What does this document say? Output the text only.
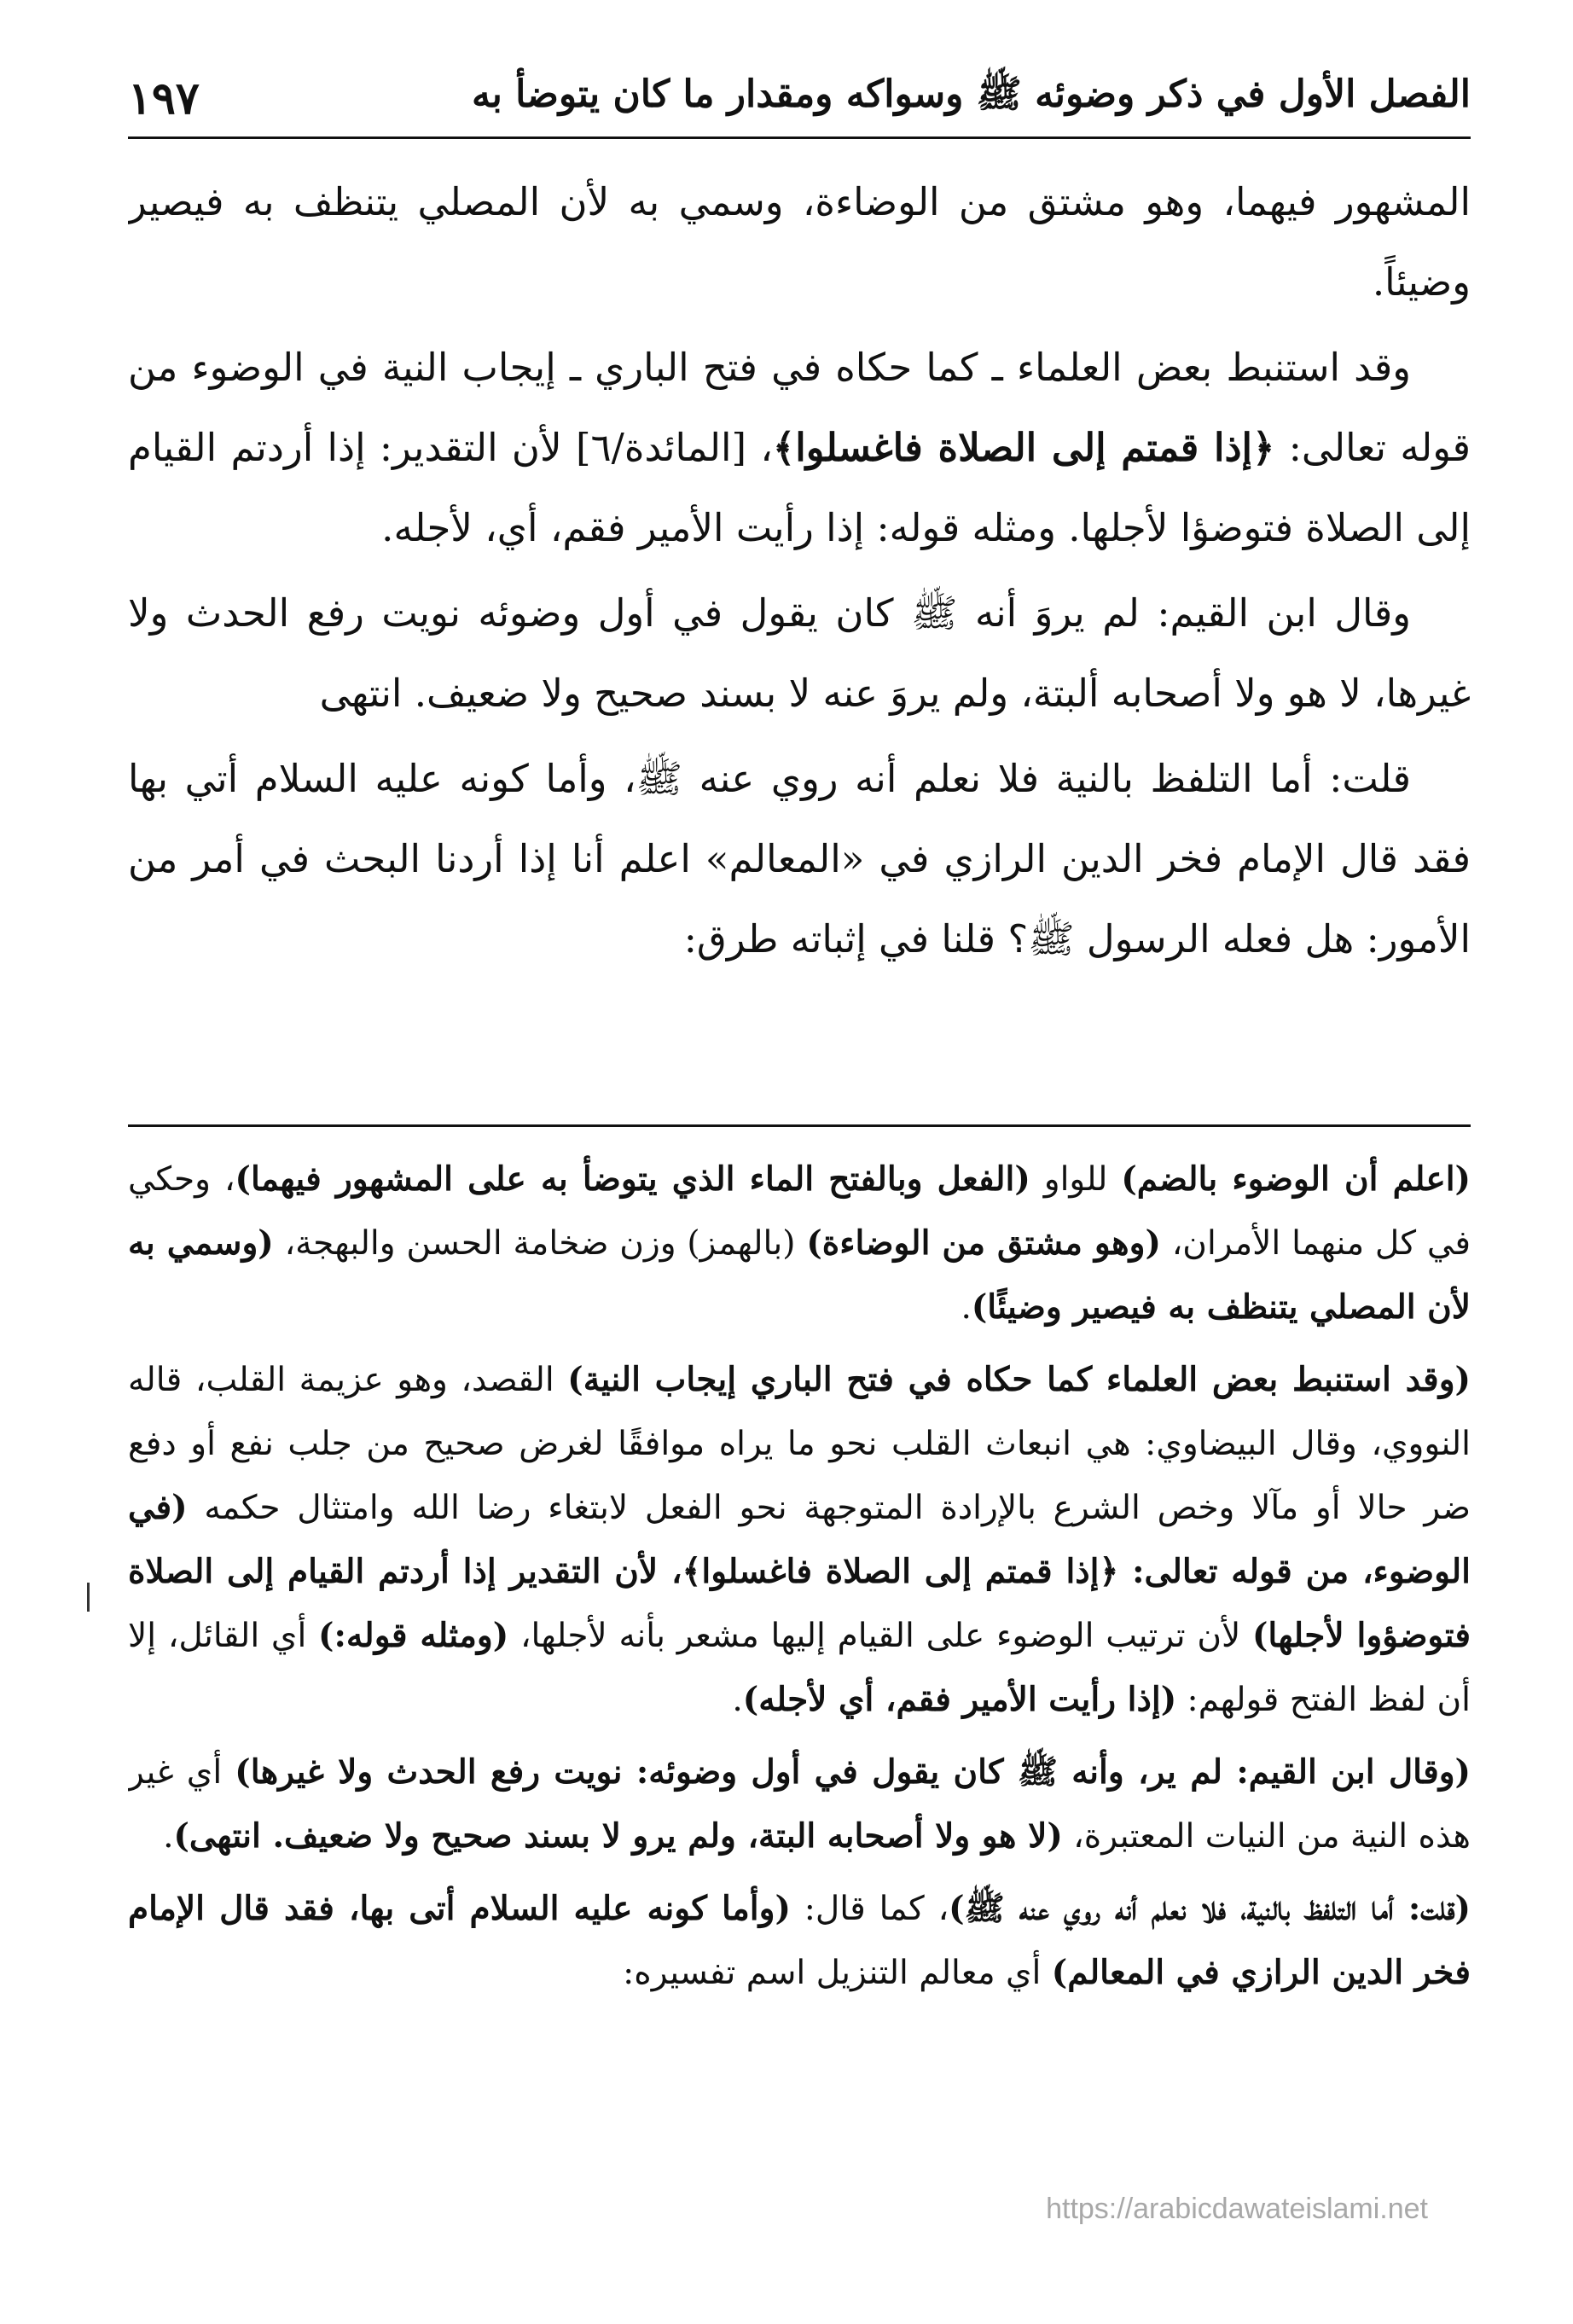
الفصل الأول في ذكر وضوئه ﷺ وسواكه ومقدار ما كان يتوضأ به
١٩٧

المشهور فيهما، وهو مشتق من الوضاءة، وسمي به لأن المصلي يتنظف به فيصير وضيئاً.

وقد استنبط بعض العلماء ـ كما حكاه في فتح الباري ـ إيجاب النية في الوضوء من قوله تعالى: ﴿إذا قمتم إلى الصلاة فاغسلوا﴾، [المائدة/٦] لأن التقدير: إذا أردتم القيام إلى الصلاة فتوضؤا لأجلها. ومثله قوله: إذا رأيت الأمير فقم، أي، لأجله.

وقال ابن القيم: لم يروَ أنه ﷺ كان يقول في أول وضوئه نويت رفع الحدث ولا غيرها، لا هو ولا أصحابه ألبتة، ولم يروَ عنه لا بسند صحيح ولا ضعيف. انتهى

قلت: أما التلفظ بالنية فلا نعلم أنه روي عنه ﷺ، وأما كونه عليه السلام أتي بها فقد قال الإمام فخر الدين الرازي في «المعالم» اعلم أنا إذا أردنا البحث في أمر من الأمور: هل فعله الرسول ﷺ؟ قلنا في إثباته طرق:

(اعلم أن الوضوء بالضم) للواو (الفعل وبالفتح الماء الذي يتوضأ به على المشهور فيهما)، وحكي في كل منهما الأمران، (وهو مشتق من الوضاءة) (بالهمز) وزن ضخامة الحسن والبهجة، (وسمي به لأن المصلي يتنظف به فيصير وضيئًا).

(وقد استنبط بعض العلماء كما حكاه في فتح الباري إيجاب النية) القصد، وهو عزيمة القلب، قاله النووي، وقال البيضاوي: هي انبعاث القلب نحو ما يراه موافقًا لغرض صحيح من جلب نفع أو دفع ضر حالا أو مآلا وخص الشرع بالإرادة المتوجهة نحو الفعل لابتغاء رضا الله وامتثال حكمه (في الوضوء، من قوله تعالى: ﴿إذا قمتم إلى الصلاة فاغسلوا﴾، لأن التقدير إذا أردتم القيام إلى الصلاة فتوضؤوا لأجلها) لأن ترتيب الوضوء على القيام إليها مشعر بأنه لأجلها، (ومثله قوله:) أي القائل، إلا أن لفظ الفتح قولهم: (إذا رأيت الأمير فقم، أي لأجله).

(وقال ابن القيم: لم ير، وأنه ﷺ كان يقول في أول وضوئه: نويت رفع الحدث ولا غيرها) أي غير هذه النية من النيات المعتبرة، (لا هو ولا أصحابه البتة، ولم يرو لا بسند صحيح ولا ضعيف. انتهى).

(قلت: أما التلفظ بالنية، فلا نعلم أنه روي عنه ﷺ)، كما قال: (وأما كونه عليه السلام أتى بها، فقد قال الإمام فخر الدين الرازي في المعالم) أي معالم التنزيل اسم تفسيره:

https://arabicdawateislami.net
